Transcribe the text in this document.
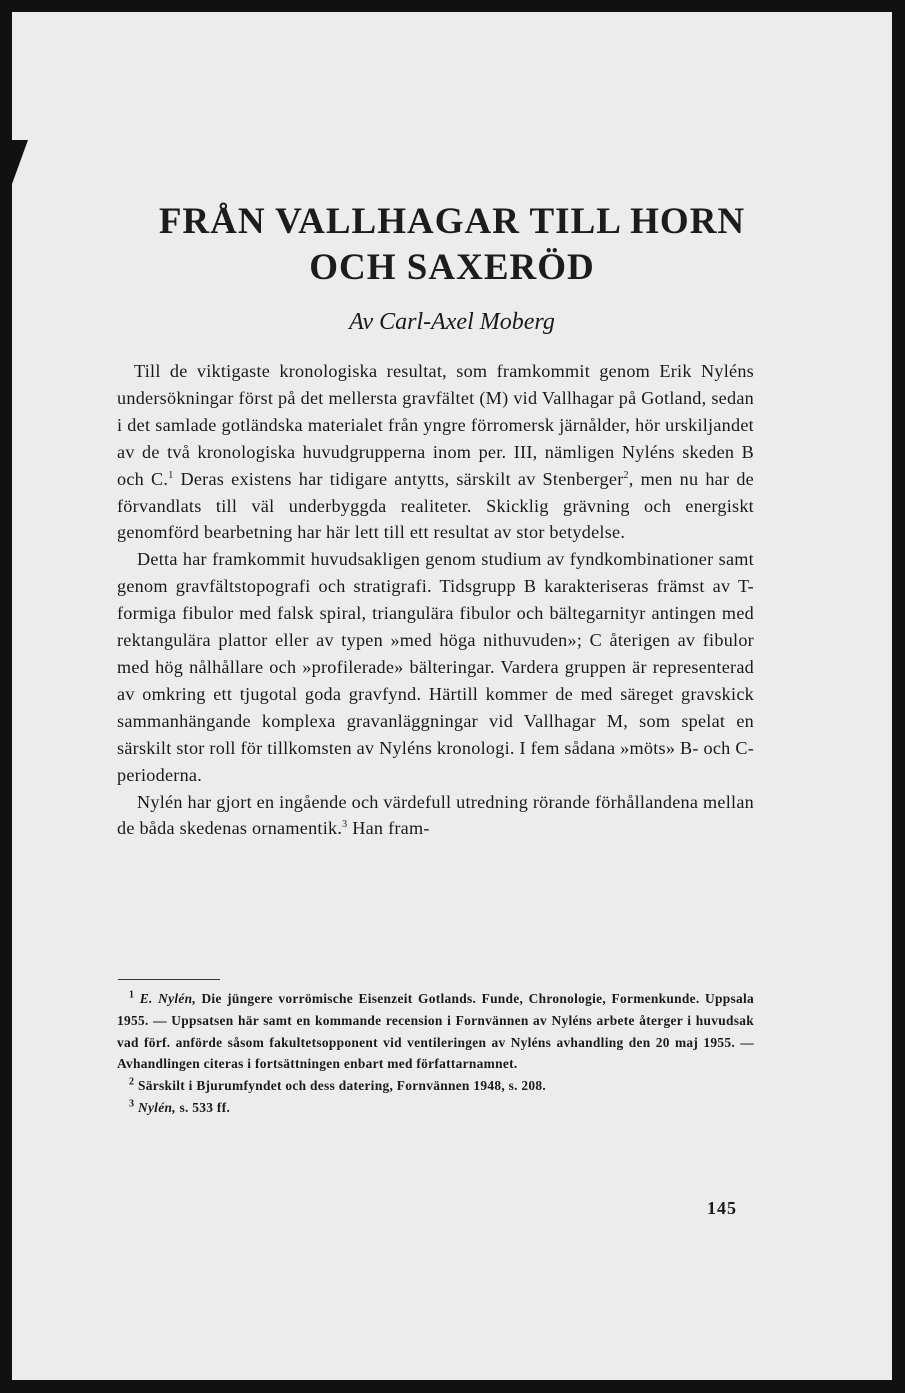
FRÅN VALLHAGAR TILL HORN
OCH SAXERÖD

Av Carl-Axel Moberg

Till de viktigaste kronologiska resultat, som framkommit genom Erik Nyléns undersökningar först på det mellersta gravfältet (M) vid Vallhagar på Gotland, sedan i det samlade gotländska materialet från yngre förromersk järnålder, hör urskiljandet av de två kronologiska huvudgrupperna inom per. III, nämligen Nyléns skeden B och C.$^1$ Deras existens har tidigare antytts, särskilt av Stenberger$^2$, men nu har de förvandlats till väl underbyggda realiteter. Skicklig grävning och energiskt genomförd bearbetning har här lett till ett resultat av stor betydelse.

Detta har framkommit huvudsakligen genom studium av fyndkombinationer samt genom gravfältstopografi och stratigrafi. Tidsgrupp B karakteriseras främst av T-formiga fibulor med falsk spiral, triangulära fibulor och bältegarnityr antingen med rektangulära plattor eller av typen »med höga nithuvuden»; C återigen av fibulor med hög nålhållare och »profilerade» bälteringar. Vardera gruppen är representerad av omkring ett tjugotal goda gravfynd. Härtill kommer de med säreget gravskick sammanhängande komplexa gravanläggningar vid Vallhagar M, som spelat en särskilt stor roll för tillkomsten av Nyléns kronologi. I fem sådana »möts» B- och C-perioderna.

Nylén har gjort en ingående och värdefull utredning rörande förhållandena mellan de båda skedenas ornamentik.$^3$ Han fram-

$^1$ E. Nylén, Die jüngere vorrömische Eisenzeit Gotlands. Funde, Chronologie, Formenkunde. Uppsala 1955. — Uppsatsen här samt en kommande recension i Fornvännen av Nyléns arbete återger i huvudsak vad förf. anförde såsom fakultetsopponent vid ventileringen av Nyléns avhandling den 20 maj 1955. — Avhandlingen citeras i fortsättningen enbart med författarnamnet.
$^2$ Särskilt i Bjurumfyndet och dess datering, Fornvännen 1948, s. 208.
$^3$ Nylén, s. 533 ff.
145
